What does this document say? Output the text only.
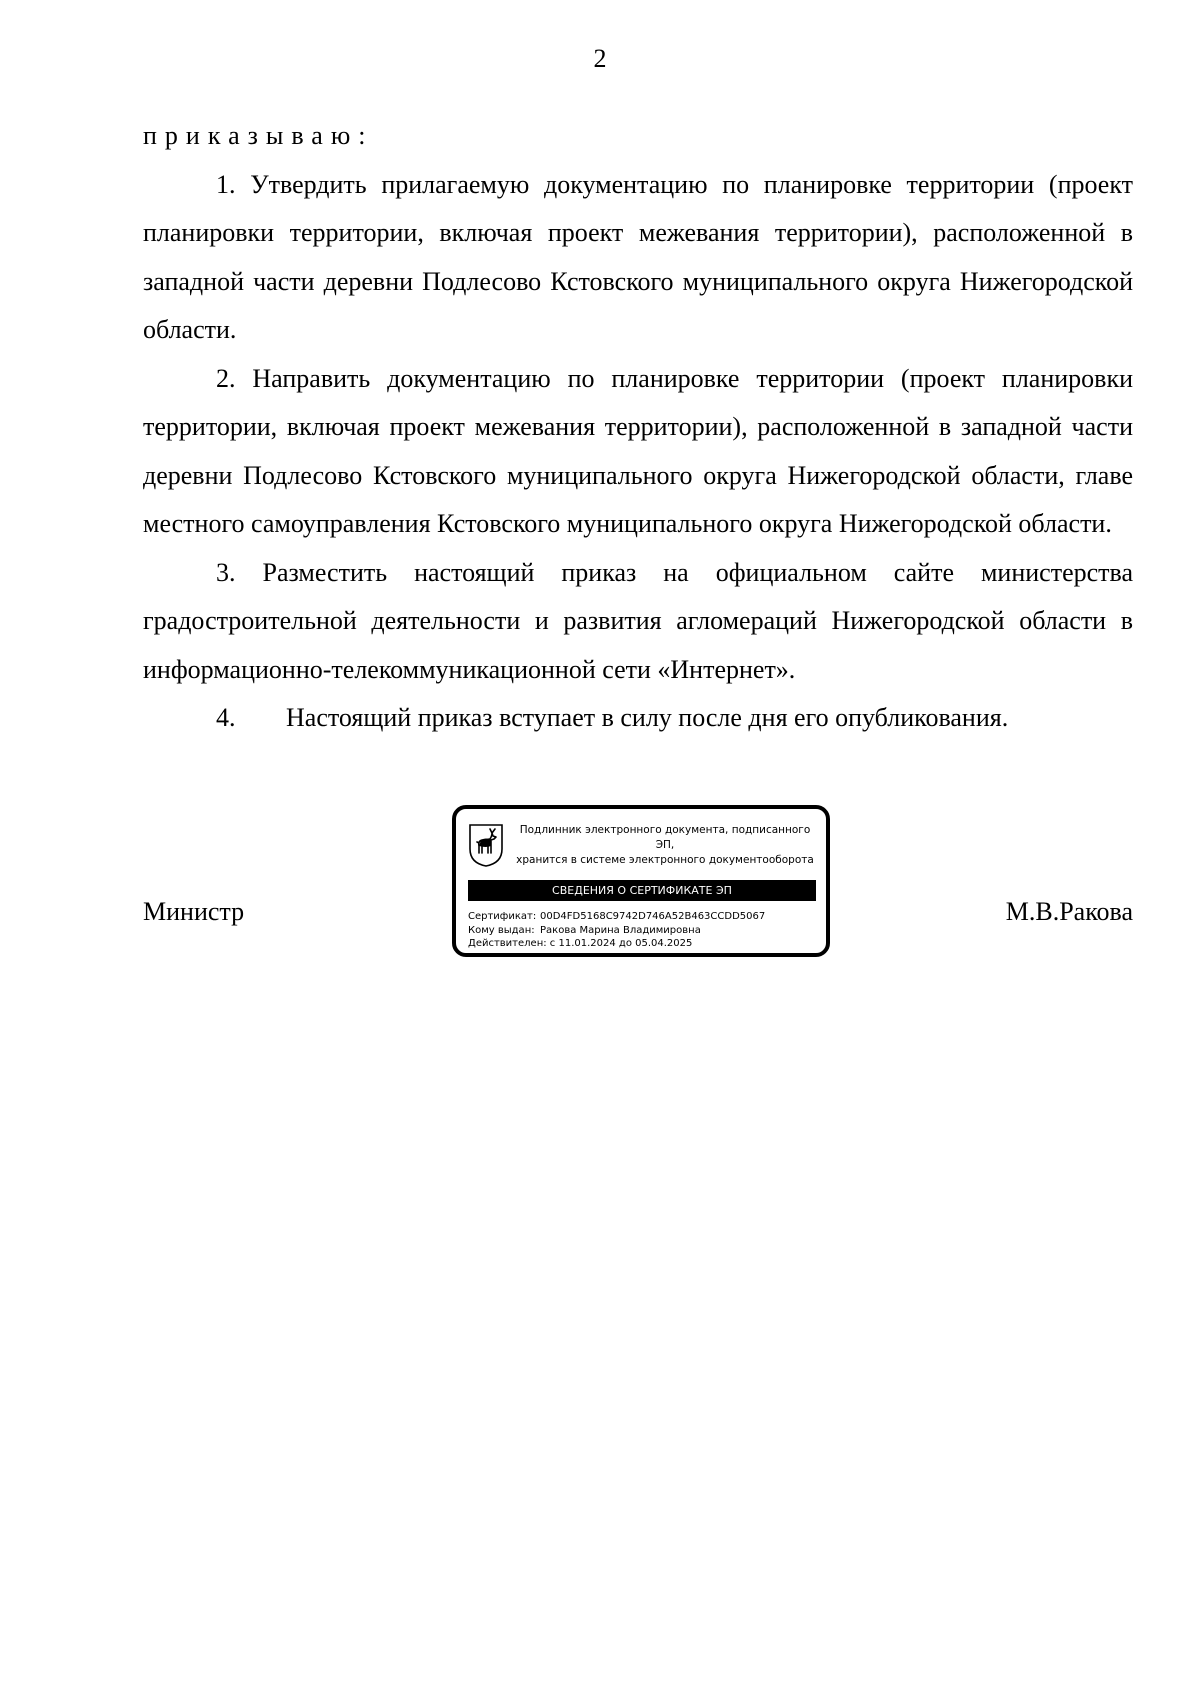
2

приказываю:

1. Утвердить прилагаемую документацию по планировке территории (проект планировки территории, включая проект межевания территории), расположенной в западной части деревни Подлесово Кстовского муниципального округа Нижегородской области.

2. Направить документацию по планировке территории (проект планировки территории, включая проект межевания территории), расположенной в западной части деревни Подлесово Кстовского муниципального округа Нижегородской области, главе местного самоуправления Кстовского муниципального округа Нижегородской области.

3. Разместить настоящий приказ на официальном сайте министерства градостроительной деятельности и развития агломераций Нижегородской области в информационно-телекоммуникационной сети «Интернет».

4. Настоящий приказ вступает в силу после дня его опубликования.

Министр
Подлинник электронного документа, подписанного ЭП,
хранится в системе электронного документооборота
СВЕДЕНИЯ О СЕРТИФИКАТЕ ЭП
Сертификат: 00D4FD5168C9742D746A52B463CCDD5067
Кому выдан: Ракова Марина Владимировна
Действителен: с 11.01.2024 до 05.04.2025
М.В.Ракова
